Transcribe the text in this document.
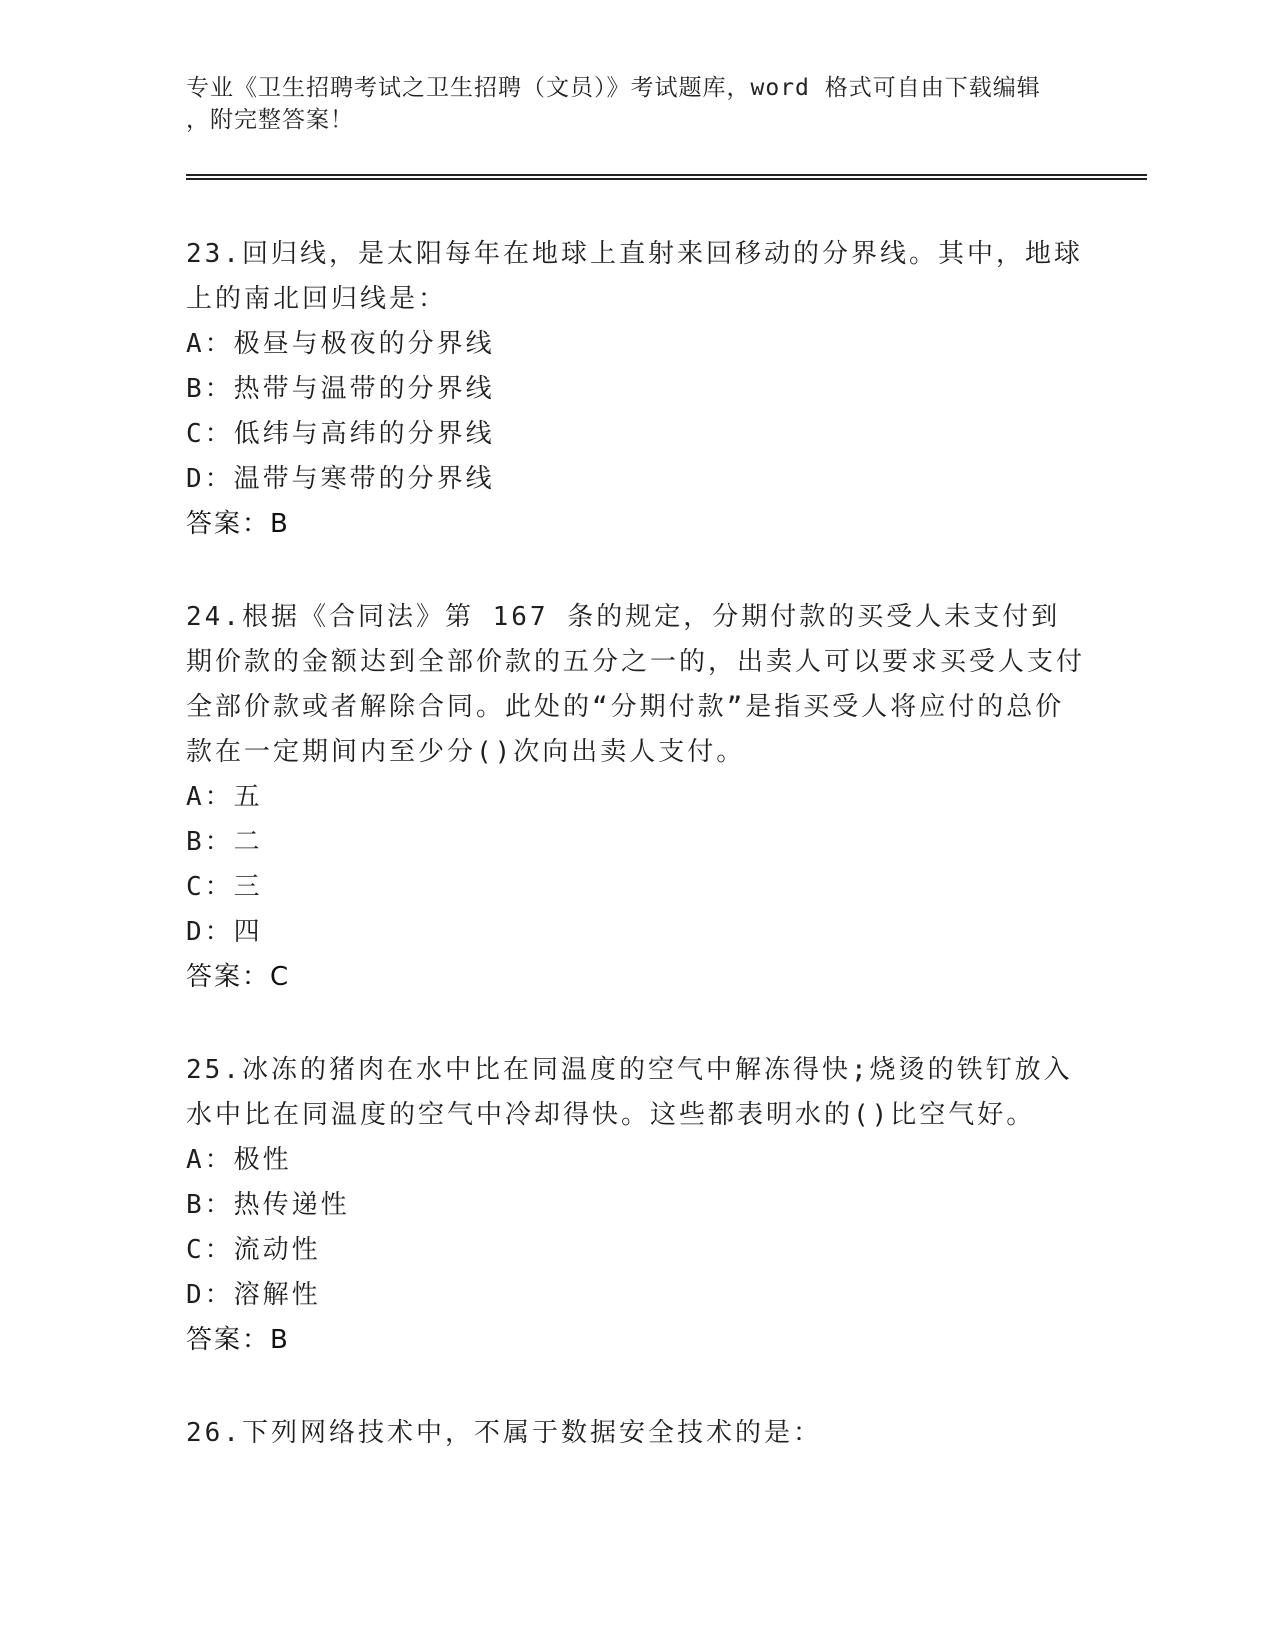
专业《卫生招聘考试之卫生招聘（文员）》考试题库，word 格式可自由下载编辑
，附完整答案！

23.回归线，是太阳每年在地球上直射来回移动的分界线。其中，地球上的南北回归线是：

A：极昼与极夜的分界线

B：热带与温带的分界线

C：低纬与高纬的分界线

D：温带与寒带的分界线

答案：B

24.根据《合同法》第 167 条的规定，分期付款的买受人未支付到期价款的金额达到全部价款的五分之一的，出卖人可以要求买受人支付全部价款或者解除合同。此处的“分期付款”是指买受人将应付的总价款在一定期间内至少分()次向出卖人支付。

A：五

B：二

C：三

D：四

答案：C

25.冰冻的猪肉在水中比在同温度的空气中解冻得快;烧烫的铁钉放入水中比在同温度的空气中冷却得快。这些都表明水的()比空气好。

A：极性

B：热传递性

C：流动性

D：溶解性

答案：B

26.下列网络技术中，不属于数据安全技术的是：
